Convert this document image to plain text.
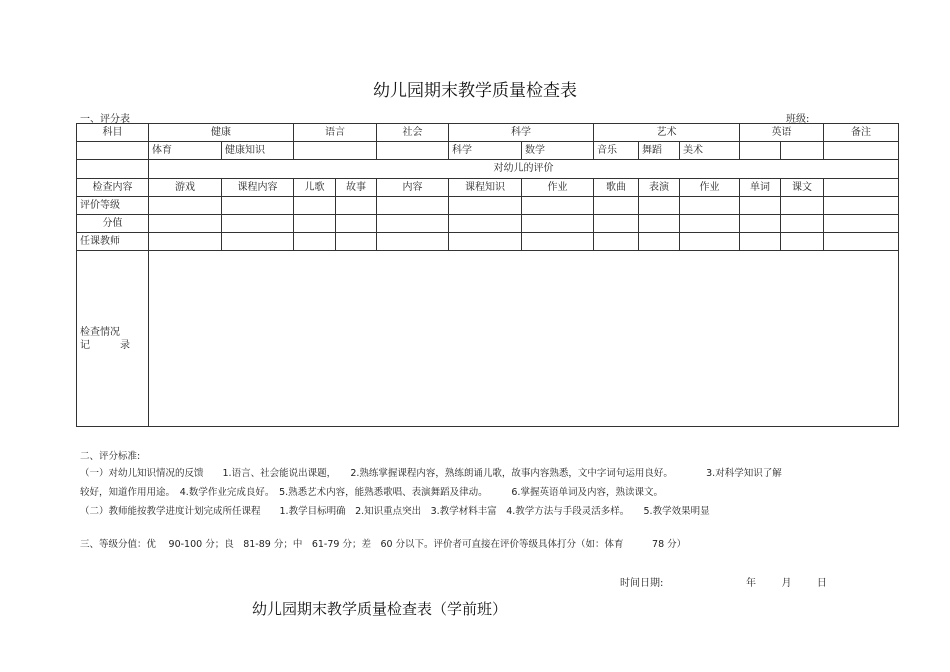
幼儿园期末教学质量检查表
一、评分表	班级:
科目	健康		语言		社会	科学		艺术			英语		备注
	体育	健康知识				科学	数学	音乐	舞蹈	美术			
	对幼儿的评价												
检查内容	游戏	课程内容	儿歌	故事	内容	课程知识	作业	歌曲	表演	作业	单词	课文	
评价等级													
分值													
任课教师													
检查情况
记录													

二、评分标准:
（一）对幼儿知识情况的反馈　　1.语言、社会能说出课题，　　2.熟练掌握课程内容，熟练朗诵儿歌，故事内容熟悉，文中字词句运用良好。　　　　3.对科学知识了解
较好，知道作用用途。　4.数学作业完成良好。　5.熟悉艺术内容，能熟悉歌唱、表演舞蹈及律动。　　　6.掌握英语单词及内容，熟读课文。
（二）教师能按教学进度计划完成所任课程　　1.教学目标明确　2.知识重点突出　3.教学材料丰富　4.教学方法与手段灵活多样。　　5.教学效果明显
三、等级分值：优　 90-100 分；良　81-89 分；中　61-79 分；差　60 分以下。评价者可直接在评价等级具体打分（如：体育　　　78 分）
时间日期:	年	月	日
幼儿园期末教学质量检查表（学前班）
